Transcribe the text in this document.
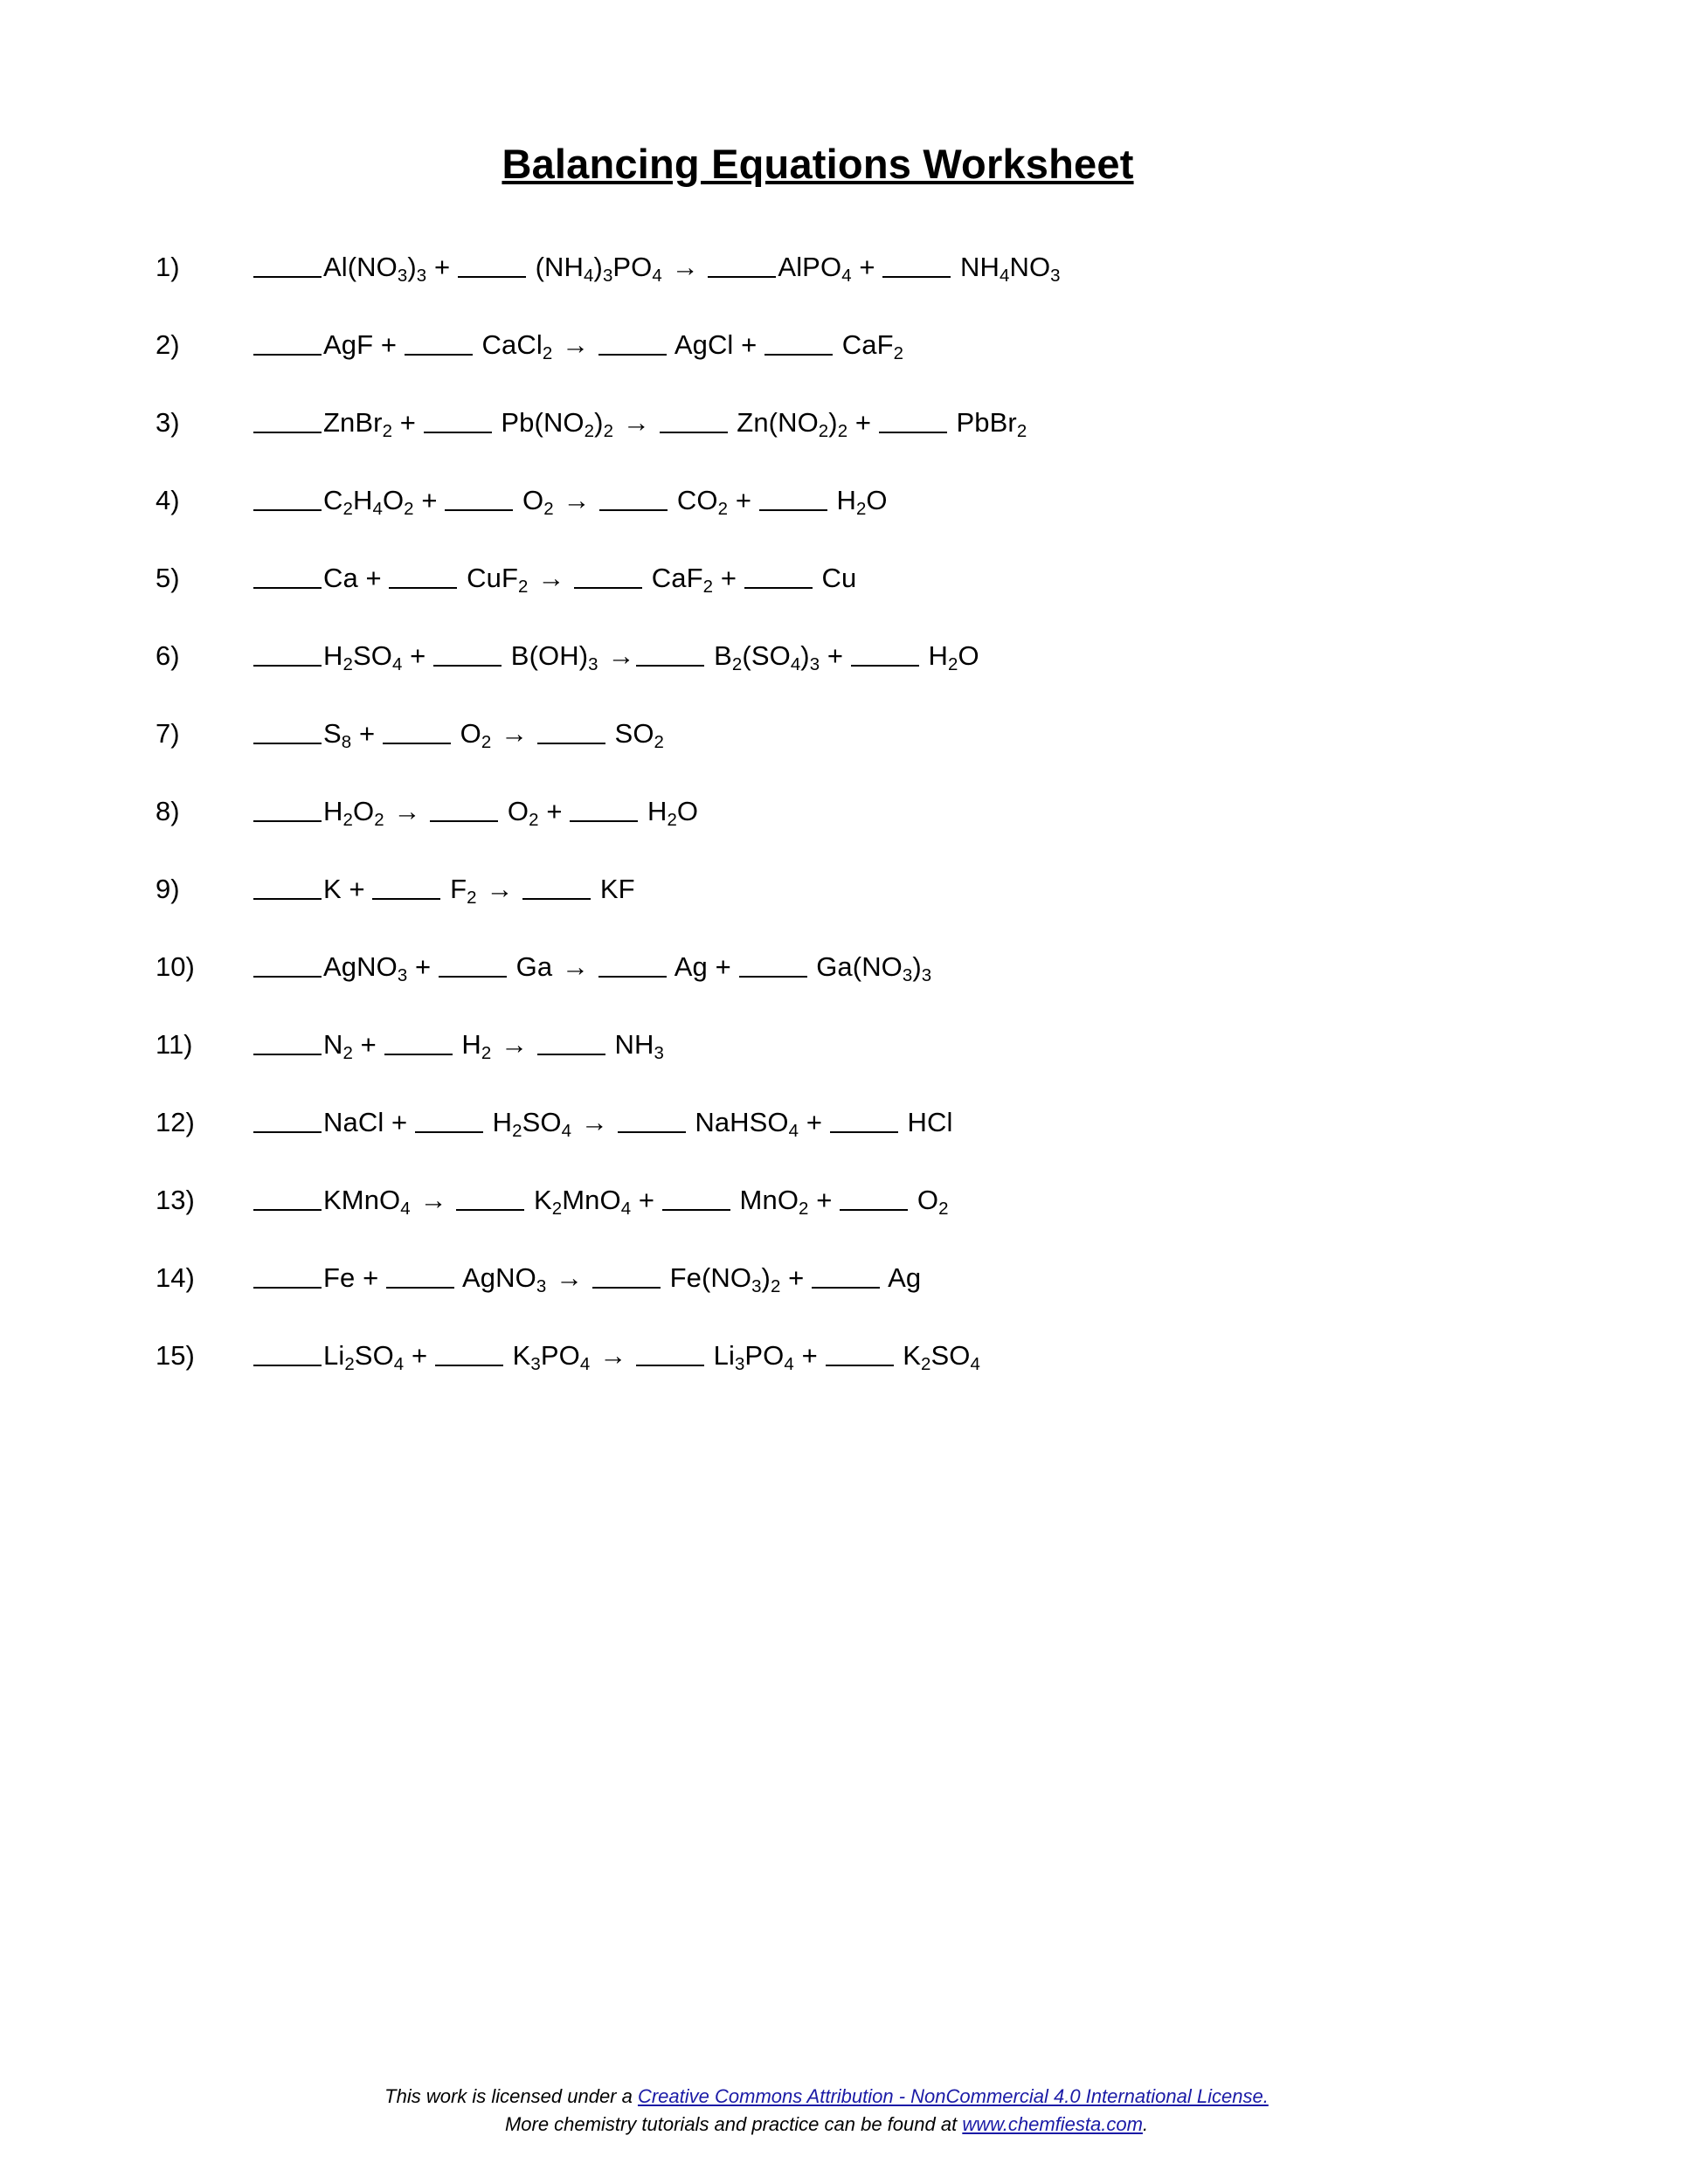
Balancing Equations Worksheet
1)	$Al(NO_3)_3$ +	$(NH_4)_3PO_4$ →	AlPO$_4$ +	$NH_4NO_3$
2)	AgF +	CaCl$_2$ →	AgCl +	CaF$_2$
3)	ZnBr$_2$ +	$Pb(NO_2)_2$ →	$Zn(NO_2)_2$ +	PbBr$_2$
4)	$C_2H_4O_2$ +	$O_2$ →	$CO_2$ +	$H_2O$
5)	Ca +	CuF$_2$ →	CaF$_2$ +	Cu
6)	$H_2SO_4$ +	$B(OH)_3$ →	$B_2(SO_4)_3$ +	$H_2O$
7)	$S_8$ +	$O_2$ →	$SO_2$
8)	$H_2O_2$ →	$O_2$ +	$H_2O$
9)	K +	$F_2$ →	KF
10)	AgNO$_3$ +	Ga →	Ag +	$Ga(NO_3)_3$
11)	$N_2$ +	$H_2$ →	$NH_3$
12)	NaCl +	$H_2SO_4$ →	NaHSO$_4$ +	HCl
13)	KMnO$_4$ →	$K_2MnO_4$ +	MnO$_2$ +	$O_2$
14)	Fe +	AgNO$_3$ →	$Fe(NO_3)_2$ +	Ag
15)	$Li_2SO_4$ +	$K_3PO_4$ →	$Li_3PO_4$ +	$K_2SO_4$
This work is licensed under a Creative Commons Attribution - NonCommercial 4.0 International License.
More chemistry tutorials and practice can be found at www.chemfiesta.com.
